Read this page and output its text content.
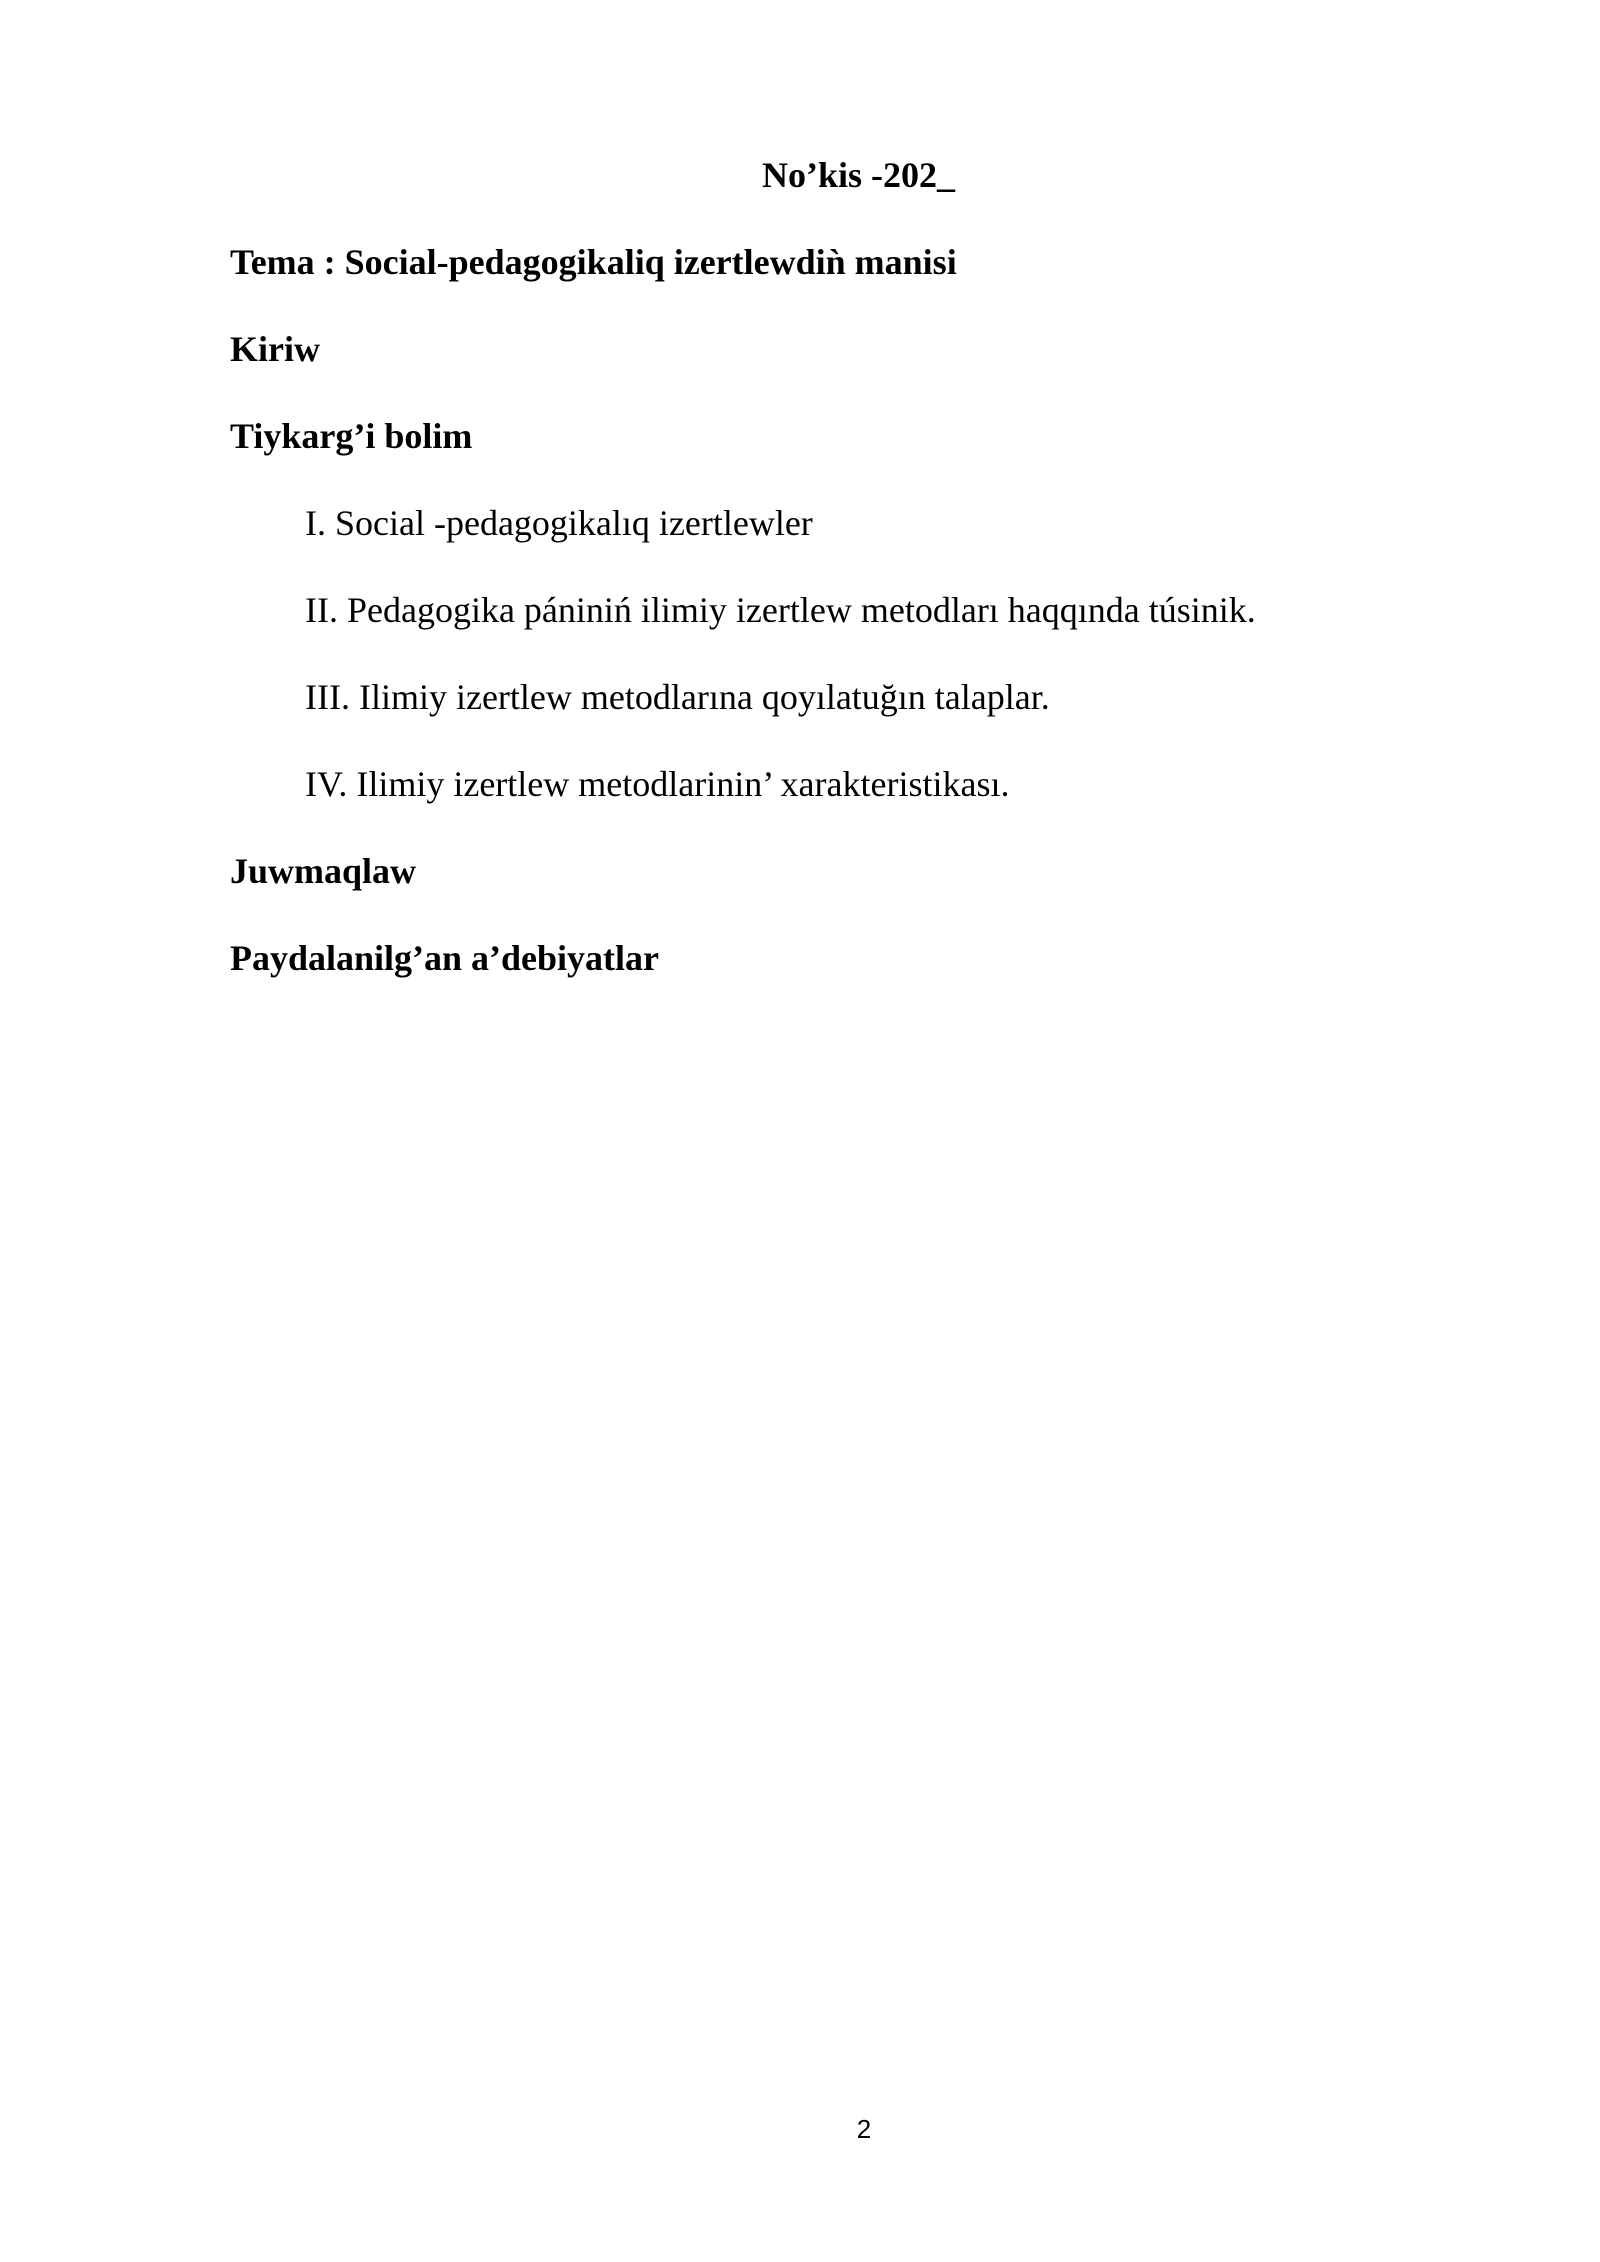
No’kis -202_
Tema : Social-pedagogikaliq izertlewdiǹ manisi
Kiriw
Tiykarg’i bolim
I. Social -pedagogikalıq izertlewler
II. Pedagogika pániniń ilimiy izertlew metodları haqqında túsinik.
III. Ilimiy izertlew metodlarına qoyılatuğın talaplar.
IV. Ilimiy izertlew metodlarinin’ xarakteristikası.
Juwmaqlaw
Paydalanilg’an a’debiyatlar
2
